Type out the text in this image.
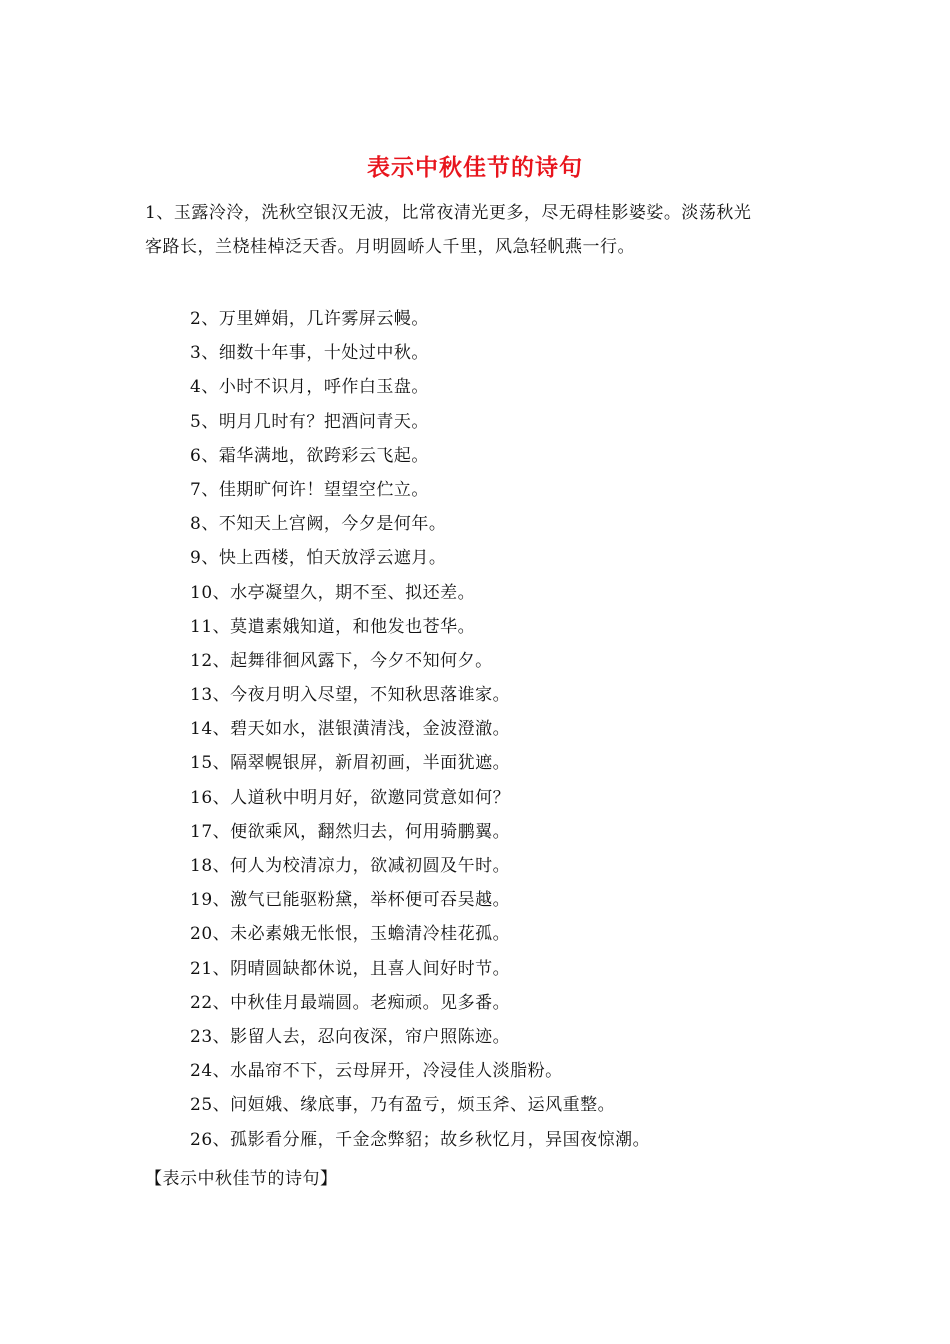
表示中秋佳节的诗句
1、玉露泠泠，洗秋空银汉无波，比常夜清光更多，尽无碍桂影婆娑。淡荡秋光
客路长，兰桡桂棹泛天香。月明圆峤人千里，风急轻帆燕一行。
2、万里婵娟，几许雾屏云幔。
3、细数十年事，十处过中秋。
4、小时不识月，呼作白玉盘。
5、明月几时有？把酒问青天。
6、霜华满地，欲跨彩云飞起。
7、佳期旷何许！望望空伫立。
8、不知天上宫阙，今夕是何年。
9、快上西楼，怕天放浮云遮月。
10、水亭凝望久，期不至、拟还差。
11、莫遣素娥知道，和他发也苍华。
12、起舞徘徊风露下，今夕不知何夕。
13、今夜月明入尽望，不知秋思落谁家。
14、碧天如水，湛银潢清浅，金波澄澈。
15、隔翠幌银屏，新眉初画，半面犹遮。
16、人道秋中明月好，欲邀同赏意如何？
17、便欲乘风，翻然归去，何用骑鹏翼。
18、何人为校清凉力，欲减初圆及午时。
19、激气已能驱粉黛，举杯便可吞吴越。
20、未必素娥无怅恨，玉蟾清冷桂花孤。
21、阴晴圆缺都休说，且喜人间好时节。
22、中秋佳月最端圆。老痴顽。见多番。
23、影留人去，忍向夜深，帘户照陈迹。
24、水晶帘不下，云母屏开，冷浸佳人淡脂粉。
25、问姮娥、缘底事，乃有盈亏，烦玉斧、运风重整。
26、孤影看分雁，千金念弊貂；故乡秋忆月，异国夜惊潮。
【表示中秋佳节的诗句】
